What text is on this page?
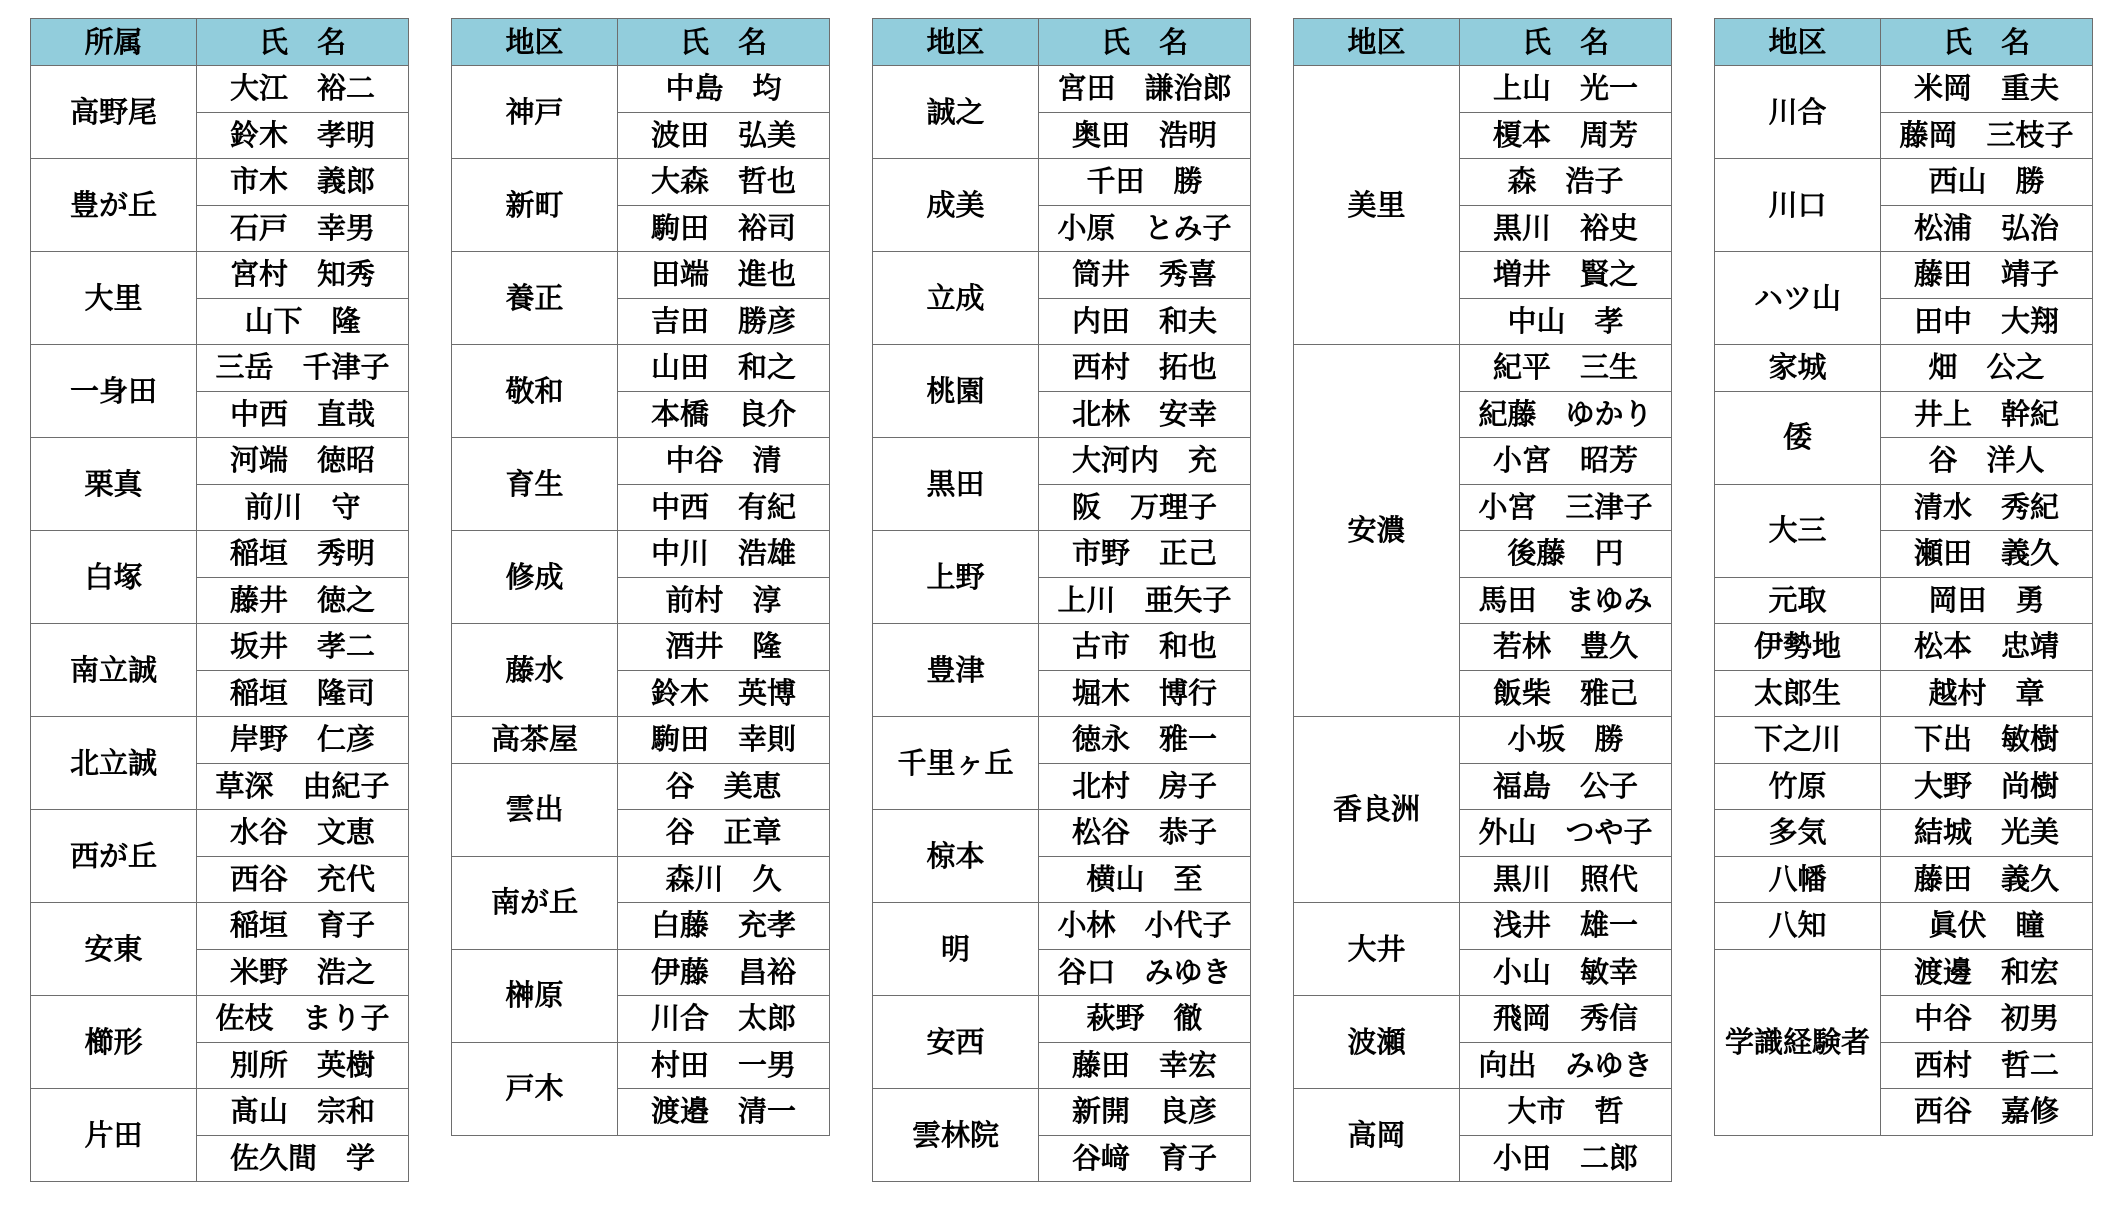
所属	氏　名
高野尾	大江　裕二
	鈴木　孝明
豊が丘	市木　義郎
	石戸　幸男
大里	宮村　知秀
	山下　隆
一身田	三岳　千津子
	中西　直哉
栗真	河端　徳昭
	前川　守
白塚	稲垣　秀明
	藤井　徳之
南立誠	坂井　孝二
	稲垣　隆司
北立誠	岸野　仁彦
	草深　由紀子
西が丘	水谷　文恵
	西谷　充代
安東	稲垣　育子
	米野　浩之
櫛形	佐枝　まり子
	別所　英樹
片田	髙山　宗和
	佐久間　学
地区	氏　名
神戸	中島　均
	波田　弘美
新町	大森　哲也
	駒田　裕司
養正	田端　進也
	吉田　勝彦
敬和	山田　和之
	本橋　良介
育生	中谷　清
	中西　有紀
修成	中川　浩雄
	前村　淳
藤水	酒井　隆
	鈴木　英博
高茶屋	駒田　幸則
雲出	谷　美恵
	谷　正章
南が丘	森川　久
	白藤　充孝
榊原	伊藤　昌裕
	川合　太郎
戸木	村田　一男
	渡邉　清一
地区	氏　名
誠之	宮田　謙治郎
	奥田　浩明
成美	千田　勝
	小原　とみ子
立成	筒井　秀喜
	内田　和夫
桃園	西村　拓也
	北林　安幸
黒田	大河内　充
	阪　万理子
上野	市野　正己
	上川　亜矢子
豊津	古市　和也
	堀木　博行
千里ヶ丘	徳永　雅一
	北村　房子
椋本	松谷　恭子
	横山　至
明	小林　小代子
	谷口　みゆき
安西	萩野　徹
	藤田　幸宏
雲林院	新開　良彦
	谷﨑　育子
地区	氏　名
美里	上山　光一
	榎本　周芳
	森　浩子
	黒川　裕史
	増井　賢之
	中山　孝
安濃	紀平　三生
	紀藤　ゆかり
	小宮　昭芳
	小宮　三津子
	後藤　円
	馬田　まゆみ
	若林　豊久
	飯柴　雅己
香良洲	小坂　勝
	福島　公子
	外山　つや子
	黒川　照代
大井	浅井　雄一
	小山　敏幸
波瀬	飛岡　秀信
	向出　みゆき
高岡	大市　哲
	小田　二郎
地区	氏　名
川合	米岡　重夫
	藤岡　三枝子
川口	西山　勝
	松浦　弘治
ハツ山	藤田　靖子
	田中　大翔
家城	畑　公之
倭	井上　幹紀
	谷　洋人
大三	清水　秀紀
	瀬田　義久
元取	岡田　勇
伊勢地	松本　忠靖
太郎生	越村　章
下之川	下出　敏樹
竹原	大野　尚樹
多気	結城　光美
八幡	藤田　義久
八知	眞伏　瞳
学識経験者	渡邊　和宏
	中谷　初男
	西村　哲二
	西谷　嘉修
